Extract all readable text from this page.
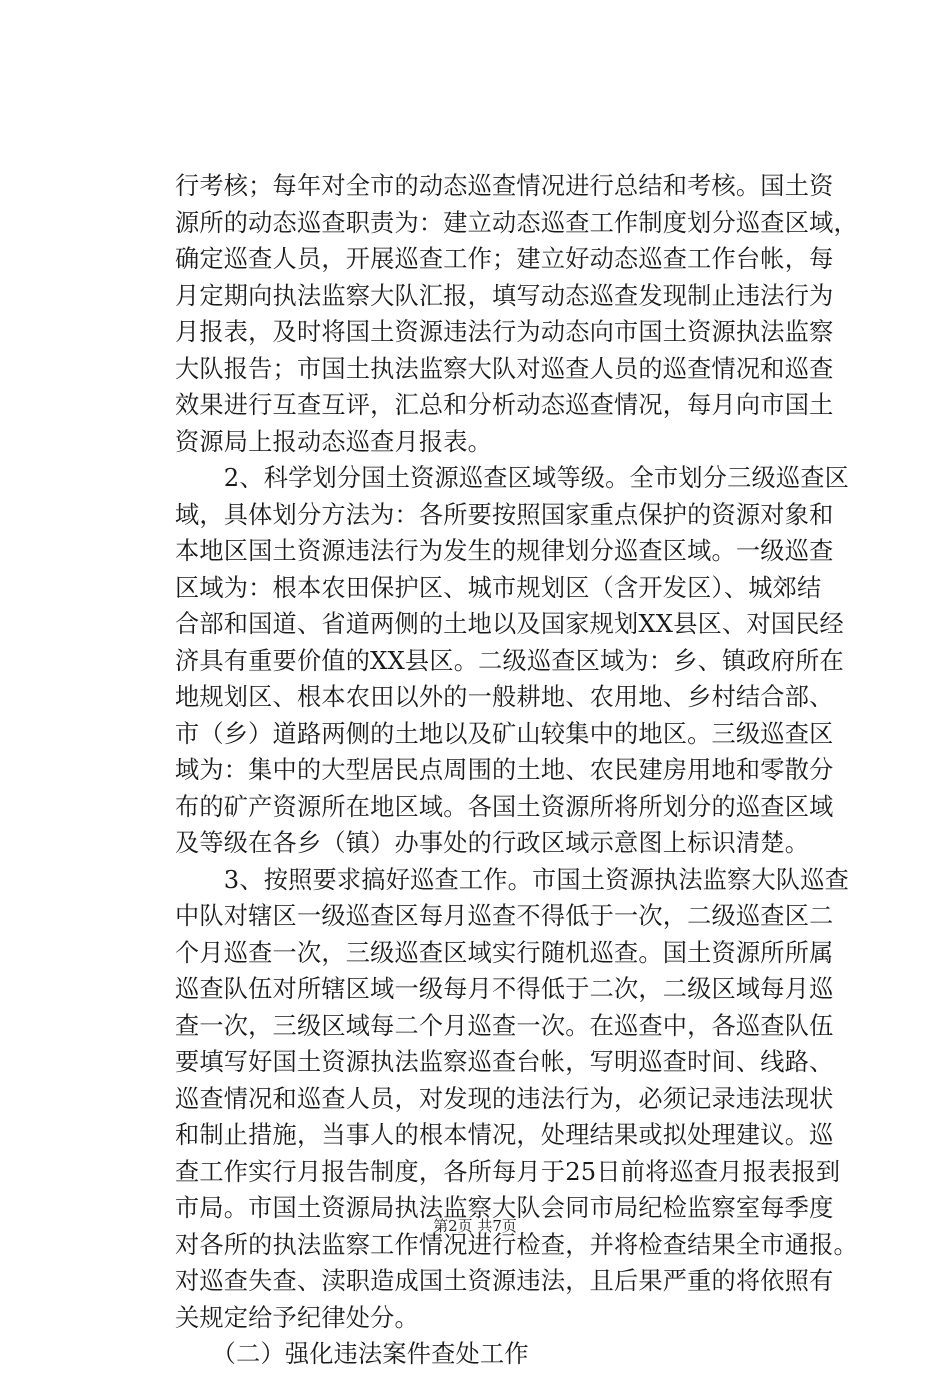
行考核；每年对全市的动态巡查情况进行总结和考核。国土资
源所的动态巡查职责为：建立动态巡查工作制度划分巡查区域，
确定巡查人员，开展巡查工作；建立好动态巡查工作台帐，每
月定期向执法监察大队汇报，填写动态巡查发现制止违法行为
月报表，及时将国土资源违法行为动态向市国土资源执法监察
大队报告；市国土执法监察大队对巡查人员的巡查情况和巡查
效果进行互查互评，汇总和分析动态巡查情况，每月向市国土
资源局上报动态巡查月报表。
　　2、科学划分国土资源巡查区域等级。全市划分三级巡查区
域，具体划分方法为：各所要按照国家重点保护的资源对象和
本地区国土资源违法行为发生的规律划分巡查区域。一级巡查
区域为：根本农田保护区、城市规划区（含开发区）、城郊结
合部和国道、省道两侧的土地以及国家规划XX县区、对国民经
济具有重要价值的XX县区。二级巡查区域为：乡、镇政府所在
地规划区、根本农田以外的一般耕地、农用地、乡村结合部、
市（乡）道路两侧的土地以及矿山较集中的地区。三级巡查区
域为：集中的大型居民点周围的土地、农民建房用地和零散分
布的矿产资源所在地区域。各国土资源所将所划分的巡查区域
及等级在各乡（镇）办事处的行政区域示意图上标识清楚。
　　3、按照要求搞好巡查工作。市国土资源执法监察大队巡查
中队对辖区一级巡查区每月巡查不得低于一次，二级巡查区二
个月巡查一次，三级巡查区域实行随机巡查。国土资源所所属
巡查队伍对所辖区域一级每月不得低于二次，二级区域每月巡
查一次，三级区域每二个月巡查一次。在巡查中，各巡查队伍
要填写好国土资源执法监察巡查台帐，写明巡查时间、线路、
巡查情况和巡查人员，对发现的违法行为，必须记录违法现状
和制止措施，当事人的根本情况，处理结果或拟处理建议。巡
查工作实行月报告制度，各所每月于25日前将巡查月报表报到
市局。市国土资源局执法监察大队会同市局纪检监察室每季度
对各所的执法监察工作情况进行检查，并将检查结果全市通报。
对巡查失查、渎职造成国土资源违法，且后果严重的将依照有
关规定给予纪律处分。
　　（二）强化违法案件查处工作
第2页 共7页
